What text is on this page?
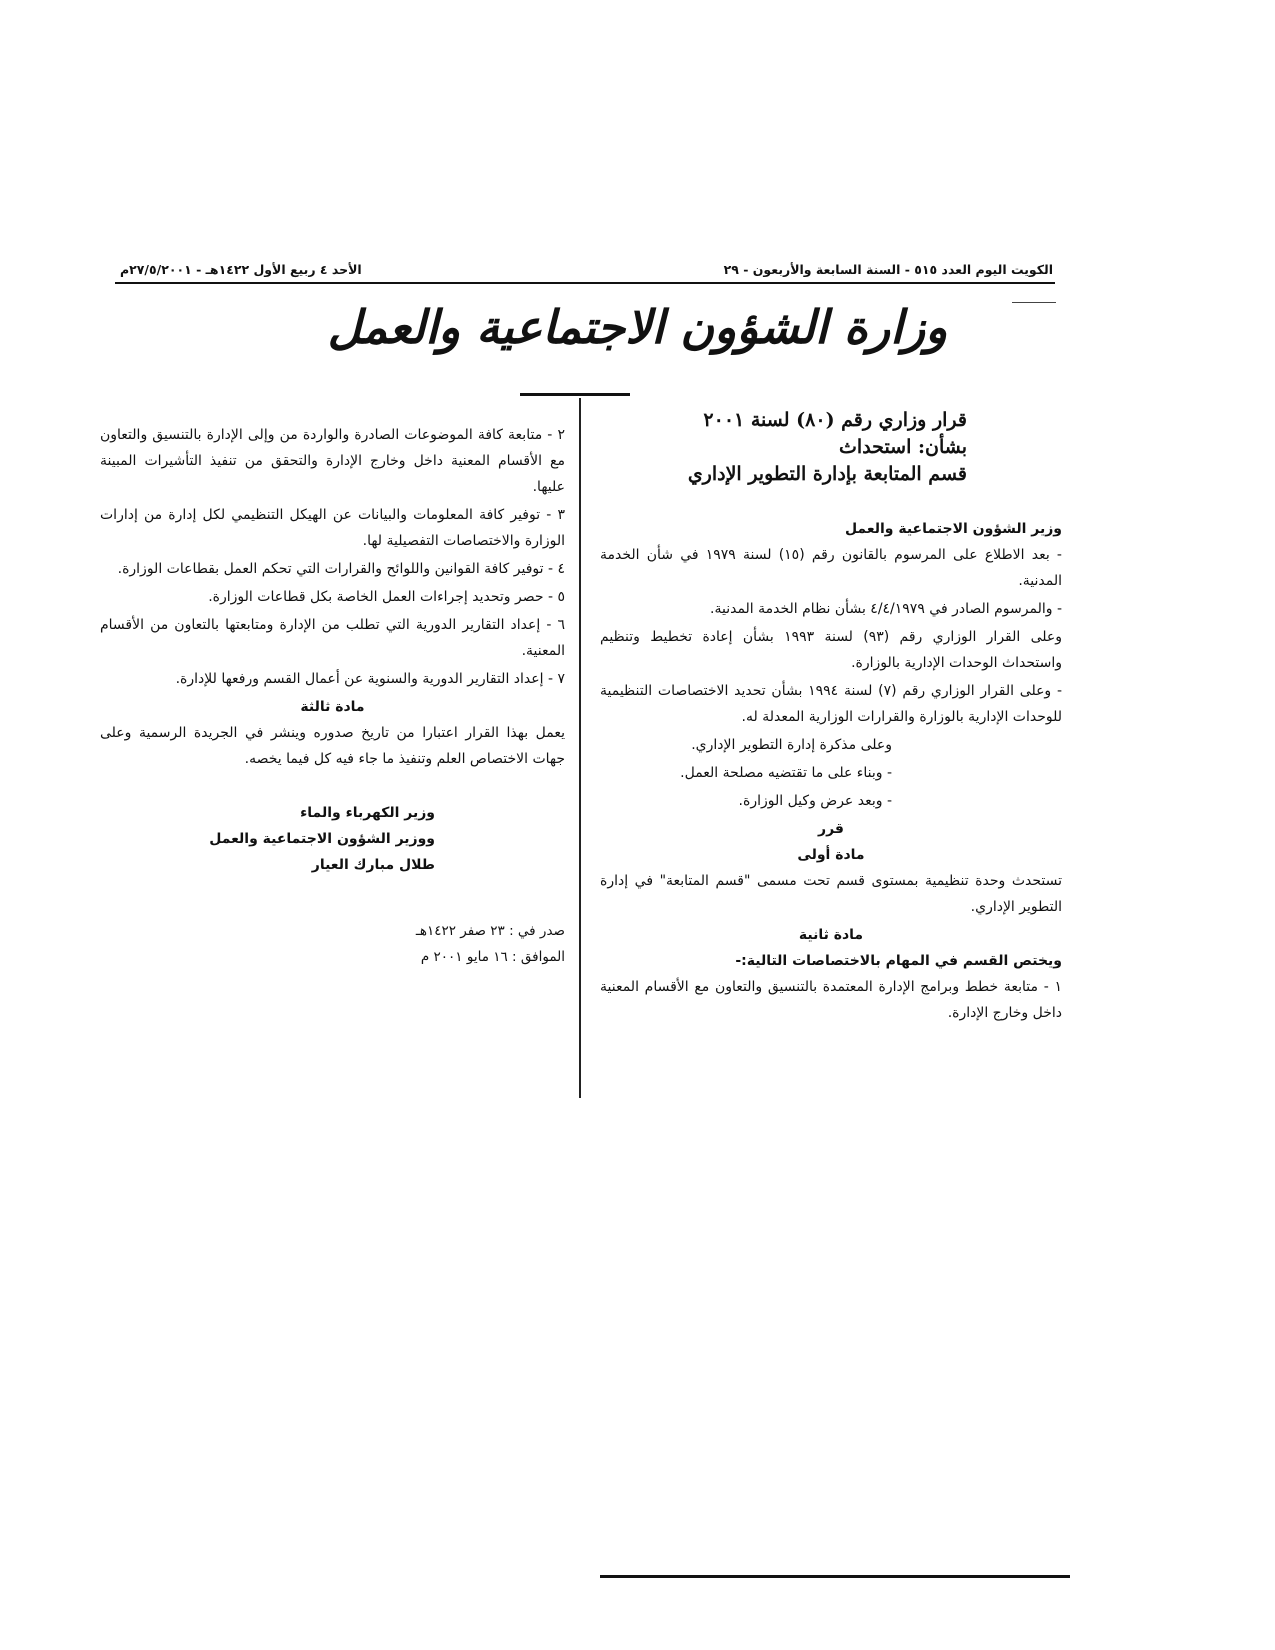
الكويت اليوم العدد ٥١٥ - السنة السابعة والأربعون - ٢٩
الأحد ٤ ربيع الأول ١٤٢٢هـ - ٢٧/٥/٢٠٠١م
وزارة الشؤون الاجتماعية والعمل
قرار وزاري رقم (٨٠) لسنة ٢٠٠١
بشأن: استحداث
قسم المتابعة بإدارة التطوير الإداري
وزير الشؤون الاجتماعية والعمل

- بعد الاطلاع على المرسوم بالقانون رقم (١٥) لسنة ١٩٧٩ في شأن الخدمة المدنية.

- والمرسوم الصادر في ٤/٤/١٩٧٩ بشأن نظام الخدمة المدنية.

وعلى القرار الوزاري رقم (٩٣) لسنة ١٩٩٣ بشأن إعادة تخطيط وتنظيم واستحداث الوحدات الإدارية بالوزارة.

- وعلى القرار الوزاري رقم (٧) لسنة ١٩٩٤ بشأن تحديد الاختصاصات التنظيمية للوحدات الإدارية بالوزارة والقرارات الوزارية المعدلة له.

وعلى مذكرة إدارة التطوير الإداري.

- وبناء على ما تقتضيه مصلحة العمل.

- وبعد عرض وكيل الوزارة.

قرر
مادة أولى

تستحدث وحدة تنظيمية بمستوى قسم تحت مسمى "قسم المتابعة" في إدارة التطوير الإداري.

مادة ثانية
ويختص القسم في المهام بالاختصاصات التالية:-

١ - متابعة خطط وبرامج الإدارة المعتمدة بالتنسيق والتعاون مع الأقسام المعنية داخل وخارج الإدارة.

٢ - متابعة كافة الموضوعات الصادرة والواردة من وإلى الإدارة بالتنسيق والتعاون مع الأقسام المعنية داخل وخارج الإدارة والتحقق من تنفيذ التأشيرات المبينة عليها.

٣ - توفير كافة المعلومات والبيانات عن الهيكل التنظيمي لكل إدارة من إدارات الوزارة والاختصاصات التفصيلية لها.

٤ - توفير كافة القوانين واللوائح والقرارات التي تحكم العمل بقطاعات الوزارة.

٥ - حصر وتحديد إجراءات العمل الخاصة بكل قطاعات الوزارة.

٦ - إعداد التقارير الدورية التي تطلب من الإدارة ومتابعتها بالتعاون من الأقسام المعنية.

٧ - إعداد التقارير الدورية والسنوية عن أعمال القسم ورفعها للإدارة.

مادة ثالثة

يعمل بهذا القرار اعتبارا من تاريخ صدوره وينشر في الجريدة الرسمية وعلى جهات الاختصاص العلم وتنفيذ ما جاء فيه كل فيما يخصه.

وزير الكهرباء والماء
ووزير الشؤون الاجتماعية والعمل
طلال مبارك العيار
صدر في : ٢٣ صفر ١٤٢٢هـ
الموافق : ١٦ مايو ٢٠٠١ م
